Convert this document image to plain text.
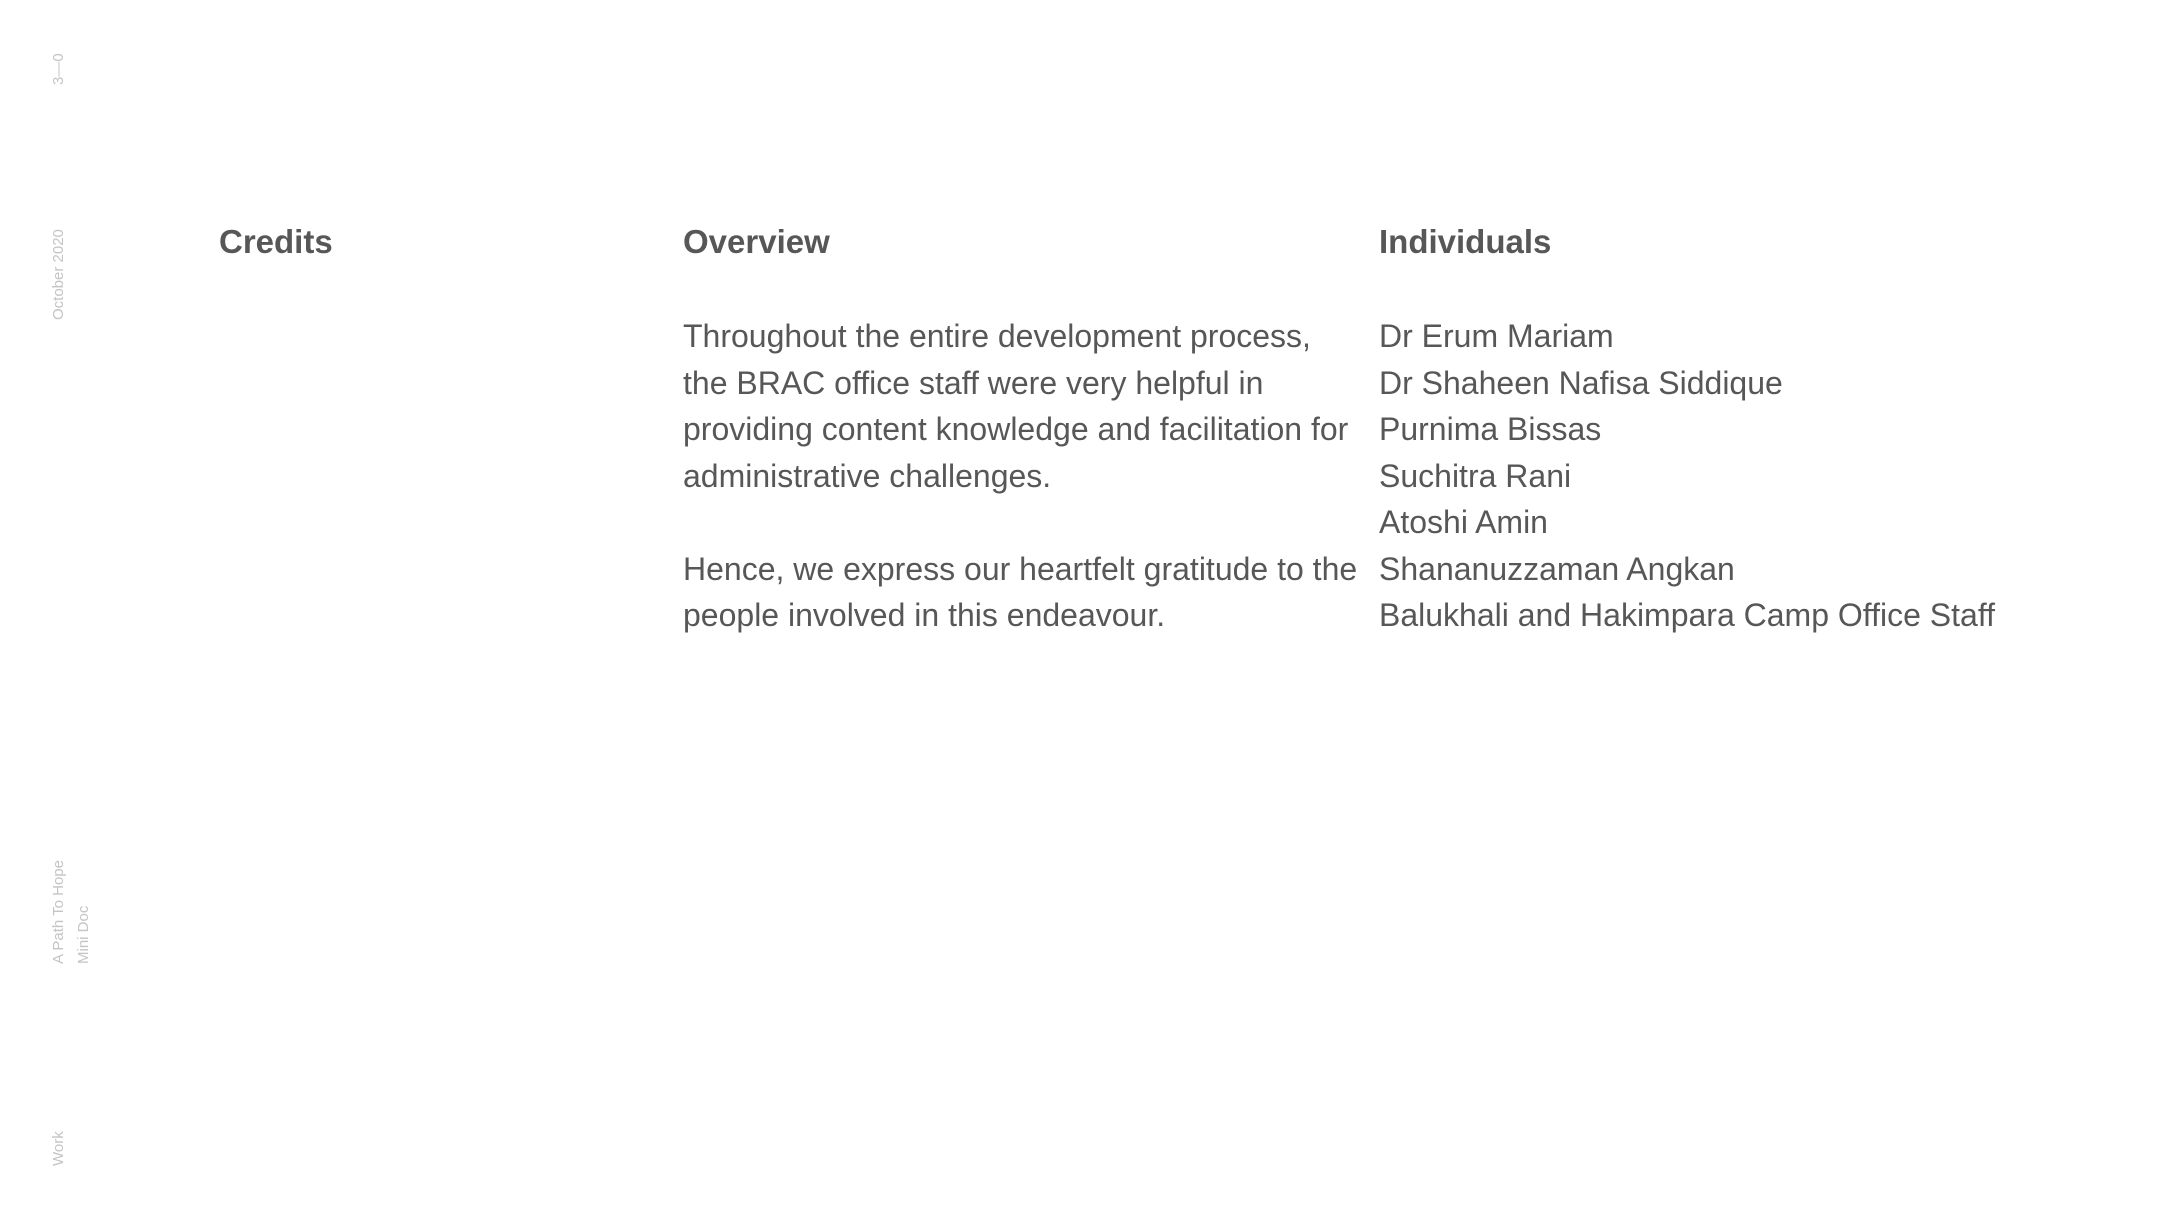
3—0
October 2020
A Path To Hope Mini Doc
Work
Credits	Overview

Throughout the entire development process, the BRAC office staff were very helpful in providing content knowledge and facilitation for administrative challenges.

Hence, we express our heartfelt gratitude to the people involved in this endeavour.

Individuals
Dr Erum Mariam
Dr Shaheen Nafisa Siddique
Purnima Bissas
Suchitra Rani
Atoshi Amin
Shananuzzaman Angkan
Balukhali and Hakimpara Camp Office Staff
